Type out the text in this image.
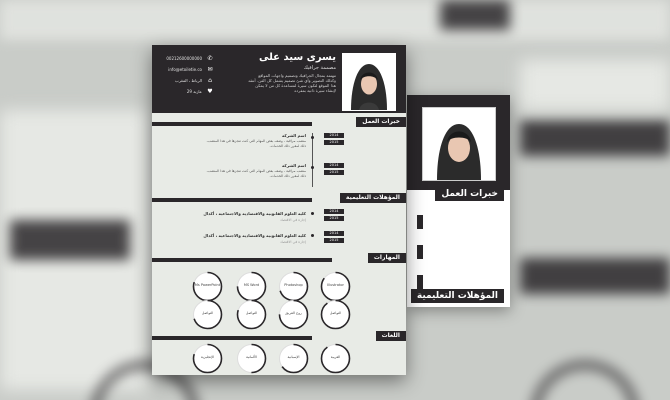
خبرات العمل
المؤهلات التعليمية
يسرى سيد على
مصممة جرافيك
مهتمة بمجال الجرافيك وتصميم واجهات المواقع وكذلك التصوير وأي شئ تصميم يشمل كل الفن. أنتقد هذا الموقع لتكون سيرة لمساعدة كل من لا يمكن لإنشاء سيرة ذاتية بمفرده
✆
00212600000000
✉
info@etoiletie.co
⌂
الرباط ، المغرب
♥
عازبة 29
خبرات العمل
2014
2015
اسم الشركة
منصب مراقبة ، وصف بعض المهام التي كنت تنجزها في هذا المنصب. ذلك لمقرر ذلك الخدمات.
2014
2015
اسم الشركة
منصب مراقبة ، وصف بعض المهام التي كنت تنجزها في هذا المنصب. ذلك لمقرر ذلك الخدمات.
المؤهلات التعليمية
2014
2015
كلية العلوم القانونية والاقتصادية والاجتماعية ، أكدال
إجازة في الاقتصاد
2014
2015
كلية العلوم القانونية والاقتصادية والاجتماعية ، أكدال
إجازة في الاقتصاد
المهارات
Ms PowerPoint	MS Word	Photoshop	Illustrator
التواصل	التواصل	روح الفريق	التواصل
اللغات
الإنجليزية	الألمانية	الإسبانية	العربية
